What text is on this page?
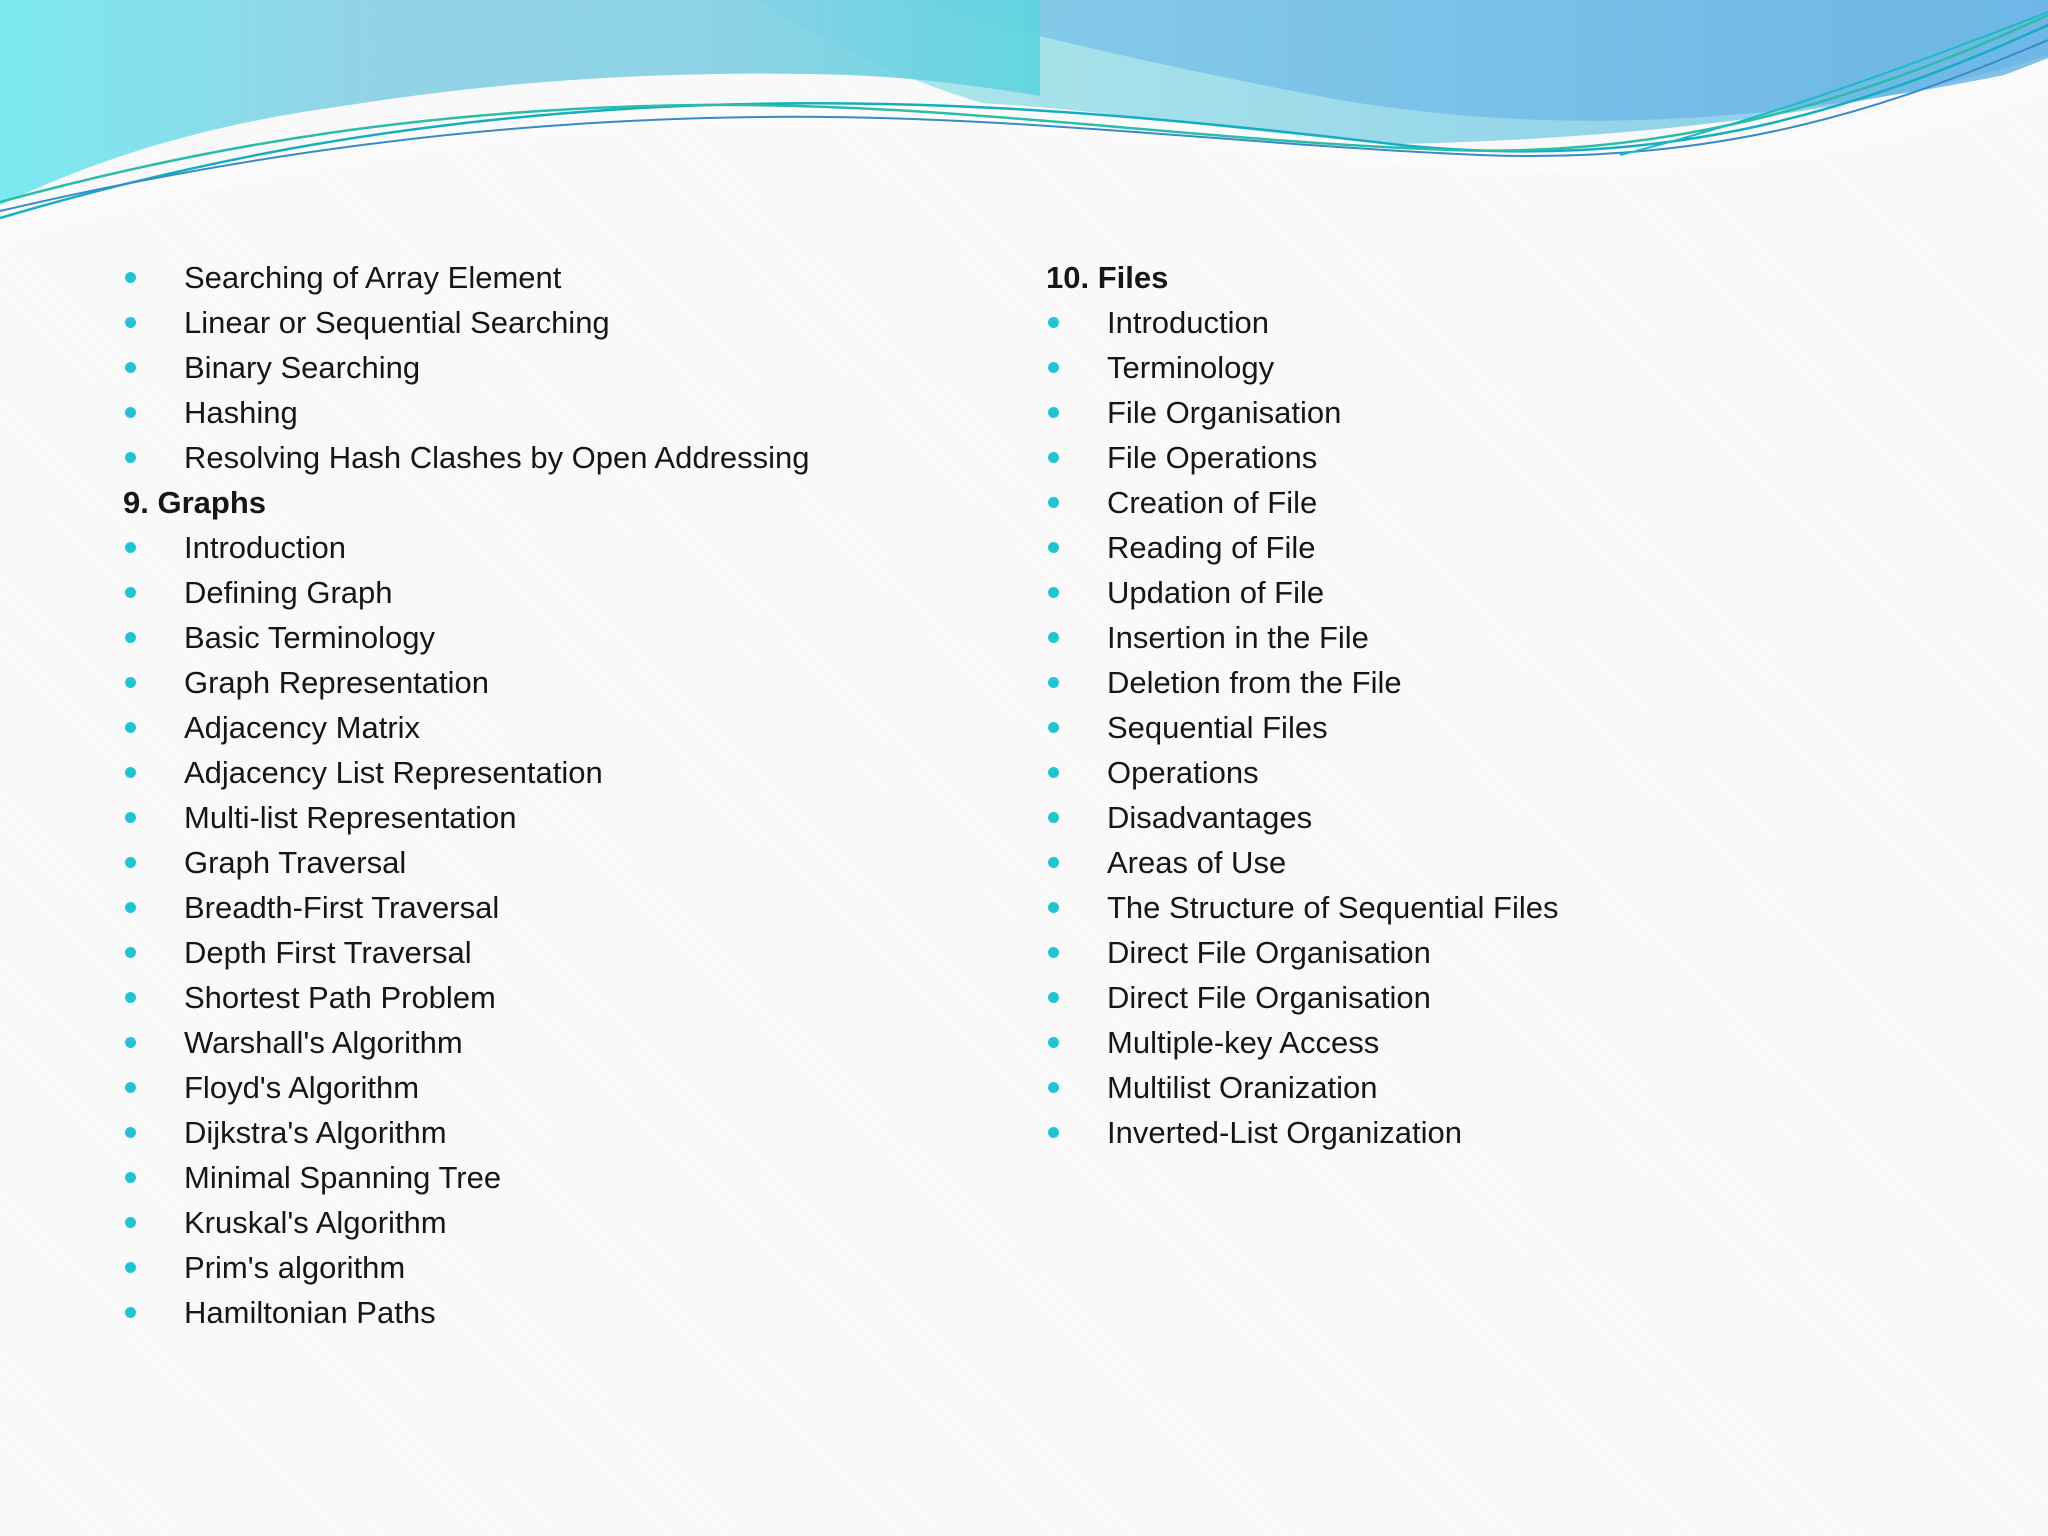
Searching of Array Element
Linear or Sequential Searching
Binary Searching
Hashing
Resolving Hash Clashes by Open Addressing
9. Graphs
Introduction
Defining Graph
Basic Terminology
Graph Representation
Adjacency Matrix
Adjacency List Representation
Multi-list Representation
Graph Traversal
Breadth-First Traversal
Depth First Traversal
Shortest Path Problem
Warshall's Algorithm
Floyd's Algorithm
Dijkstra's Algorithm
Minimal Spanning Tree
Kruskal's Algorithm
Prim's algorithm
Hamiltonian Paths
10. Files
Introduction
Terminology
File Organisation
File Operations
Creation of File
Reading of File
Updation of File
Insertion in the File
Deletion from the File
Sequential Files
Operations
Disadvantages
Areas of Use
The Structure of Sequential Files
Direct File Organisation
Direct File Organisation
Multiple-key Access
Multilist Oranization
Inverted-List Organization
